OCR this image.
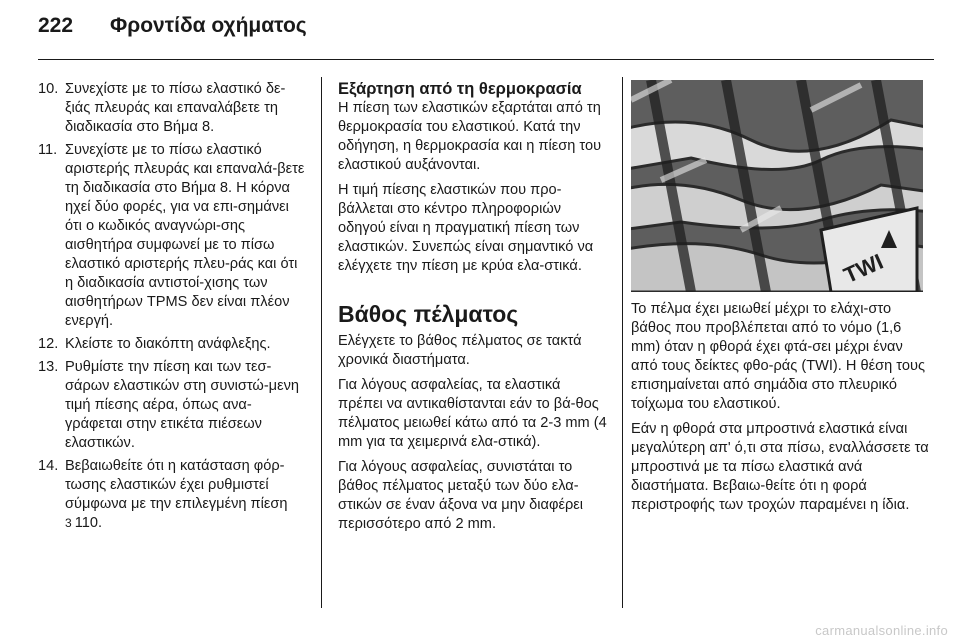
222	Φροντίδα οχήματος
10. Συνεχίστε με το πίσω ελαστικό δε-ξιάς πλευράς και επαναλάβετε τη διαδικασία στο Βήμα 8.
11. Συνεχίστε με το πίσω ελαστικό αριστερής πλευράς και επαναλά-βετε τη διαδικασία στο Βήμα 8. Η κόρνα ηχεί δύο φορές, για να επι-σημάνει ότι ο κωδικός αναγνώρι-σης αισθητήρα συμφωνεί με το πίσω ελαστικό αριστερής πλευ-ράς και ότι η διαδικασία αντιστοί-χισης των αισθητήρων TPMS δεν είναι πλέον ενεργή.
12. Κλείστε το διακόπτη ανάφλεξης.
13. Ρυθμίστε την πίεση και των τεσ-σάρων ελαστικών στη συνιστώ-μενη τιμή πίεσης αέρα, όπως ανα-γράφεται στην ετικέτα πιέσεων ελαστικών.
14. Βεβαιωθείτε ότι η κατάσταση φόρ-τωσης ελαστικών έχει ρυθμιστεί σύμφωνα με την επιλεγμένη πίεση
3 110.
Εξάρτηση από τη θερμοκρασία

Η πίεση των ελαστικών εξαρτάται από τη θερμοκρασία του ελαστικού. Κατά την οδήγηση, η θερμοκρασία και η πίεση του ελαστικού αυξάνονται.

Η τιμή πίεσης ελαστικών που προ-βάλλεται στο κέντρο πληροφοριών οδηγού είναι η πραγματική πίεση των ελαστικών. Συνεπώς είναι σημαντικό να ελέγχετε την πίεση με κρύα ελα-στικά.

Βάθος πέλματος

Ελέγχετε το βάθος πέλματος σε τακτά χρονικά διαστήματα.

Για λόγους ασφαλείας, τα ελαστικά πρέπει να αντικαθίστανται εάν το βά-θος πέλματος μειωθεί κάτω από τα 2-3 mm (4 mm για τα χειμερινά ελα-στικά).

Για λόγους ασφαλείας, συνιστάται το βάθος πέλματος μεταξύ των δύο ελα-στικών σε έναν άξονα να μην διαφέρει περισσότερο από 2 mm.

TWI

Το πέλμα έχει μειωθεί μέχρι το ελάχι-στο βάθος που προβλέπεται από το νόμο (1,6 mm) όταν η φθορά έχει φτά-σει μέχρι έναν από τους δείκτες φθο-ράς (TWI). Η θέση τους επισημαίνεται από σημάδια στο πλευρικό τοίχωμα του ελαστικού.

Εάν η φθορά στα μπροστινά ελαστικά είναι μεγαλύτερη απ' ό,τι στα πίσω, εναλλάσσετε τα μπροστινά με τα πίσω ελαστικά ανά διαστήματα. Βεβαιω-θείτε ότι η φορά περιστροφής των τροχών παραμένει η ίδια.

carmanualsonline.info
